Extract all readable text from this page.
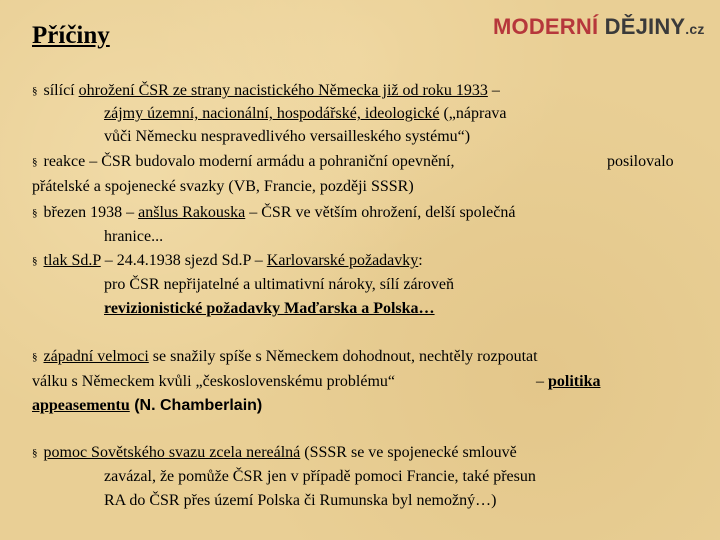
Příčiny	MODERNÍ DĚJINY.cz
§ sílící ohrožení ČSR ze strany nacistického Německa již od roku 1933 –
zájmy územní, nacionální, hospodářské, ideologické („náprava
vůči Německu nespravedlivého versailleského systému“)
§ reakce – ČSR budovalo moderní armádu a pohraniční opevnění,	posilovalo
přátelské a spojenecké svazky (VB, Francie, později SSSR)
§ březen 1938 – anšlus Rakouska – ČSR ve větším ohrožení, delší společná
hranice...
§ tlak Sd.P – 24.4.1938 sjezd Sd.P – Karlovarské požadavky:
pro ČSR nepřijatelné a ultimativní nároky, sílí zároveň
revizionistické požadavky Maďarska a Polska…
§ západní velmoci se snažily spíše s Německem dohodnout, nechtěly rozpoutat
válku s Německem kvůli „československému problému“	– politika
appeasementu (N. Chamberlain)
§ pomoc Sovětského svazu zcela nereálná (SSSR se ve spojenecké smlouvě
zavázal, že pomůže ČSR jen v případě pomoci Francie, také přesun
RA do ČSR přes území Polska či Rumunska byl nemožný…)
